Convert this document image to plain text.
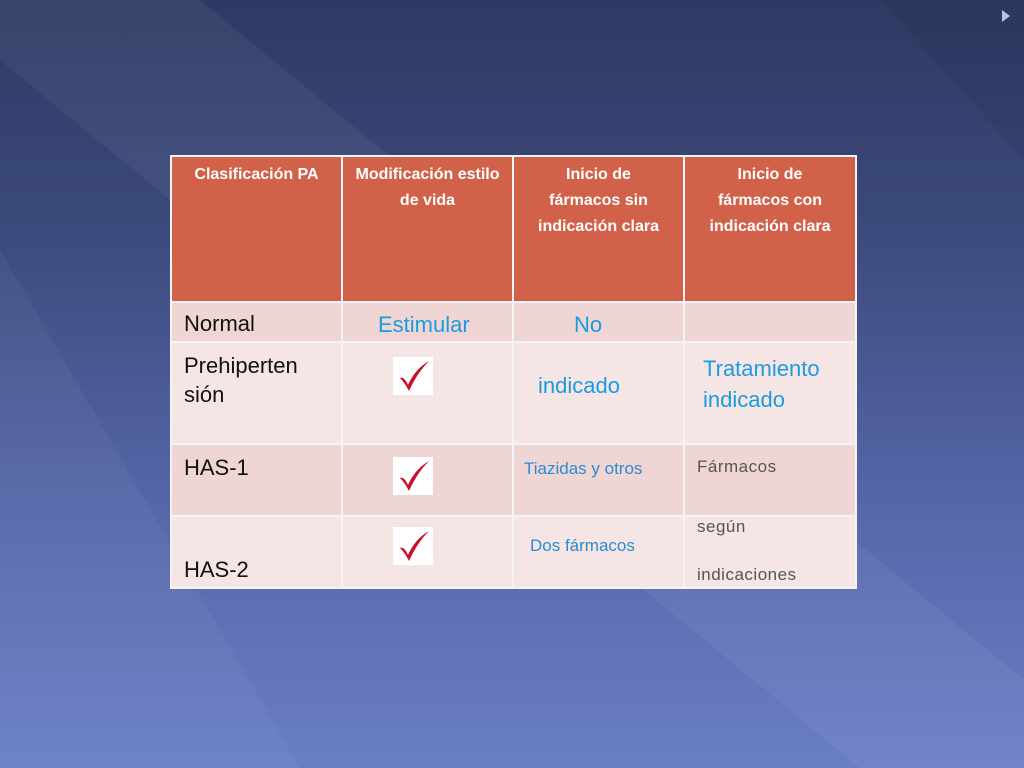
Clasificación PA	Modificación estilo de vida	Inicio de fármacos sin indicación clara	Inicio de fármacos con indicación clara

Normal	Estimular	No	

Prehiperten sión		indicado	Tratamiento indicado

HAS-1		Tiazidas y otros	Fármacos

HAS-2		Dos fármacos	según
indicaciones
